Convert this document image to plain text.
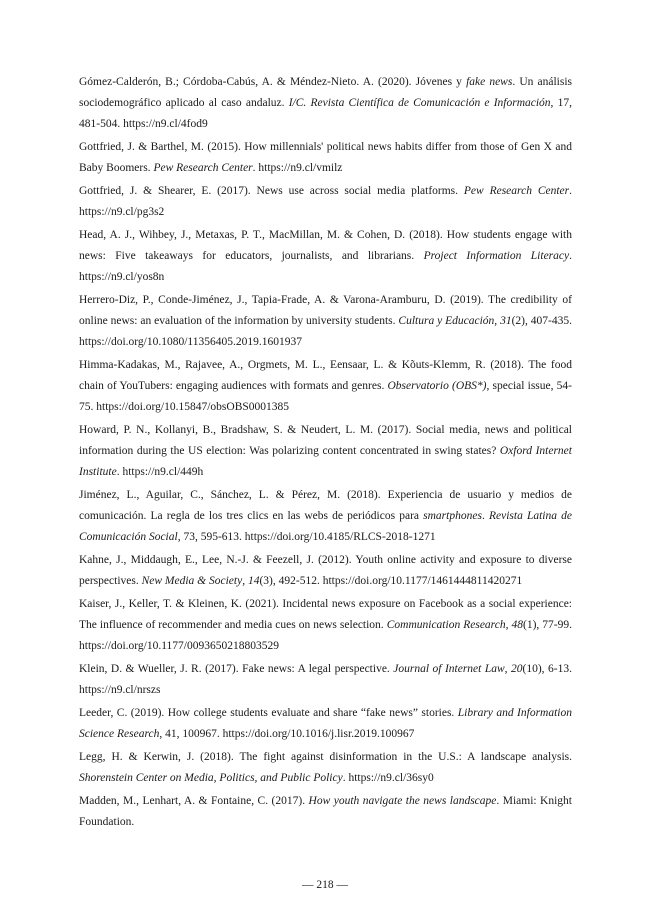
Gómez-Calderón, B.; Córdoba-Cabús, A. & Méndez-Nieto. A. (2020). Jóvenes y fake news. Un análisis sociodemográfico aplicado al caso andaluz. I/C. Revista Científica de Comunicación e Información, 17, 481-504. https://n9.cl/4fod9

Gottfried, J. & Barthel, M. (2015). How millennials' political news habits differ from those of Gen X and Baby Boomers. Pew Research Center. https://n9.cl/vmilz

Gottfried, J. & Shearer, E. (2017). News use across social media platforms. Pew Research Center. https://n9.cl/pg3s2

Head, A. J., Wihbey, J., Metaxas, P. T., MacMillan, M. & Cohen, D. (2018). How students engage with news: Five takeaways for educators, journalists, and librarians. Project Information Literacy. https://n9.cl/yos8n

Herrero-Diz, P., Conde-Jiménez, J., Tapia-Frade, A. & Varona-Aramburu, D. (2019). The credibility of online news: an evaluation of the information by university students. Cultura y Educación, 31(2), 407-435. https://doi.org/10.1080/11356405.2019.1601937

Himma-Kadakas, M., Rajavee, A., Orgmets, M. L., Eensaar, L. & Kõuts-Klemm, R. (2018). The food chain of YouTubers: engaging audiences with formats and genres. Observatorio (OBS*), special issue, 54-75. https://doi.org/10.15847/obsOBS0001385

Howard, P. N., Kollanyi, B., Bradshaw, S. & Neudert, L. M. (2017). Social media, news and political information during the US election: Was polarizing content concentrated in swing states? Oxford Internet Institute. https://n9.cl/449h

Jiménez, L., Aguilar, C., Sánchez, L. & Pérez, M. (2018). Experiencia de usuario y medios de comunicación. La regla de los tres clics en las webs de periódicos para smartphones. Revista Latina de Comunicación Social, 73, 595-613. https://doi.org/10.4185/RLCS-2018-1271

Kahne, J., Middaugh, E., Lee, N.-J. & Feezell, J. (2012). Youth online activity and exposure to diverse perspectives. New Media & Society, 14(3), 492-512. https://doi.org/10.1177/1461444811420271

Kaiser, J., Keller, T. & Kleinen, K. (2021). Incidental news exposure on Facebook as a social experience: The influence of recommender and media cues on news selection. Communication Research, 48(1), 77-99. https://doi.org/10.1177/0093650218803529

Klein, D. & Wueller, J. R. (2017). Fake news: A legal perspective. Journal of Internet Law, 20(10), 6-13. https://n9.cl/nrszs

Leeder, C. (2019). How college students evaluate and share “fake news” stories. Library and Information Science Research, 41, 100967. https://doi.org/10.1016/j.lisr.2019.100967

Legg, H. & Kerwin, J. (2018). The fight against disinformation in the U.S.: A landscape analysis. Shorenstein Center on Media, Politics, and Public Policy. https://n9.cl/36sy0

Madden, M., Lenhart, A. & Fontaine, C. (2017). How youth navigate the news landscape. Miami: Knight Foundation.

— 218 —
